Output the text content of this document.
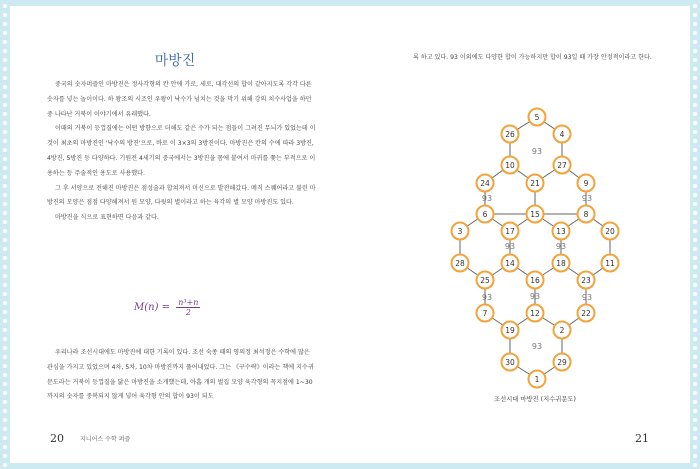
마방진

중국의 숫자퍼즐인 마방진은 정사각형의 칸 안에 가로, 세로, 대각선의 합이 같아지도록 각각 다른 숫자를 넣는 놀이이다. 하 왕조의 시조인 우왕이 낙수가 넘치는 것을 막기 위해 강의 치수사업을 하던 중 나타난 거북이 이야기에서 유래했다.

이때의 거북이 등껍질에는 어떤 방향으로 더해도 같은 수가 되는 점들이 그려진 무늬가 있었는데 이것이 최초의 마방진인 '낙수의 방진'으로, 바로 이 3×3의 3방진이다. 마방진은 칸의 수에 따라 3방진, 4방진, 5방진 등 다양하다. 기원전 4세기의 중국에서는 3방진을 몸에 붙여서 마귀를 쫓는 부적으로 이용하는 등 주술적인 용도로 사용했다.

그 후 서양으로 전해진 마방진은 점성술과 합쳐져서 미신으로 발전해갔다. 메직 스퀘어라고 불린 마방진의 모양은 점점 다양해져서 원 모양, 다윗의 별이라고 하는 육각의 별 모양 마방진도 있다.

마방진을 식으로 표현하면 다음과 같다.

$M(n) = \frac{\text{n³+n}}{2}$

우리나라 조선시대에도 마방진에 대한 기록이 있다. 조선 숙종 때의 영의정 최석정은 수학에 많은 관심을 가지고 있었으며 4차, 5차, 10차 마방진까지 풀어내었다. 그는 《구수략》이라는 책에 지수귀문도라는 거북이 등껍질을 닮은 마방진을 소개했는데, 아홉 개의 벌집 모양 육각형의 꼭지점에 1~30까지의 숫자를 중복되지 않게 넣어 육각형 안의 합이 93이 되도

20	지니어스 수학 퍼즐
록 하고 있다. 93 이외에도 다양한 합이 가능하지만 합이 93일 때 가장 안정적이라고 한다.
93
93	93
93	93
93	93	93
93
5
26	4
10	27
24	21	9
6	15	8
3	17	13	20
28	14	18	11
25	16	23
7	12	22
19	2
30	29
1
조선시대 마방진 (지수귀문도)
21
